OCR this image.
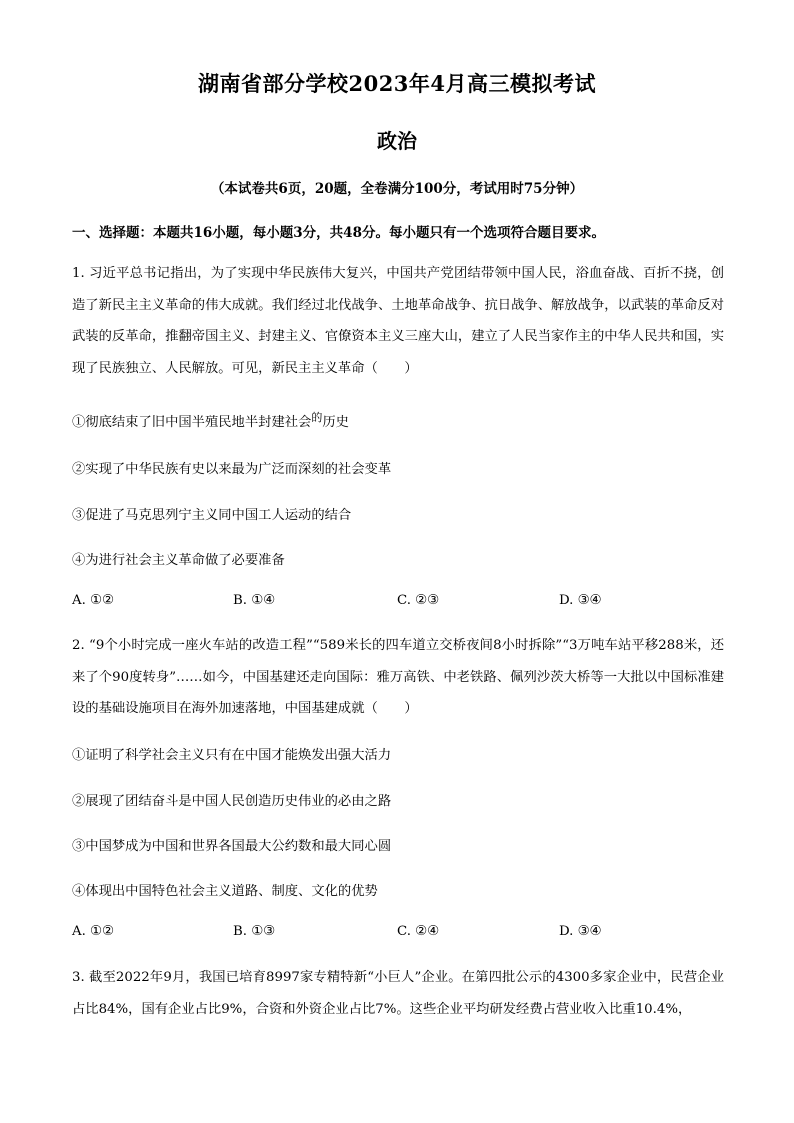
湖南省部分学校2023年4月高三模拟考试
政治
（本试卷共6页，20题，全卷满分100分，考试用时75分钟）
一、选择题：本题共16小题，每小题3分，共48分。每小题只有一个选项符合题目要求。
1. 习近平总书记指出，为了实现中华民族伟大复兴，中国共产党团结带领中国人民，浴血奋战、百折不挠，创造了新民主主义革命的伟大成就。我们经过北伐战争、土地革命战争、抗日战争、解放战争，以武装的革命反对武装的反革命，推翻帝国主义、封建主义、官僚资本主义三座大山，建立了人民当家作主的中华人民共和国，实现了民族独立、人民解放。可见，新民主主义革命（　　）
①彻底结束了旧中国半殖民地半封建社会$^的$历史
②实现了中华民族有史以来最为广泛而深刻的社会变革
③促进了马克思列宁主义同中国工人运动的结合
④为进行社会主义革命做了必要准备
A. ①②	B. ①④	C. ②③	D. ③④
2. “9个小时完成一座火车站的改造工程”“589米长的四车道立交桥夜间8小时拆除”“3万吨车站平移288米，还来了个90度转身”……如今，中国基建还走向国际：雅万高铁、中老铁路、佩列沙茨大桥等一大批以中国标准建设的基础设施项目在海外加速落地，中国基建成就（　　）
①证明了科学社会主义只有在中国才能焕发出强大活力
②展现了团结奋斗是中国人民创造历史伟业的必由之路
③中国梦成为中国和世界各国最大公约数和最大同心圆
④体现出中国特色社会主义道路、制度、文化的优势
A. ①②	B. ①③	C. ②④	D. ③④
3. 截至2022年9月，我国已培育8997家专精特新“小巨人”企业。在第四批公示的4300多家企业中，民营企业占比84%，国有企业占比9%，合资和外资企业占比7%。这些企业平均研发经费占营业收入比重10.4%，
